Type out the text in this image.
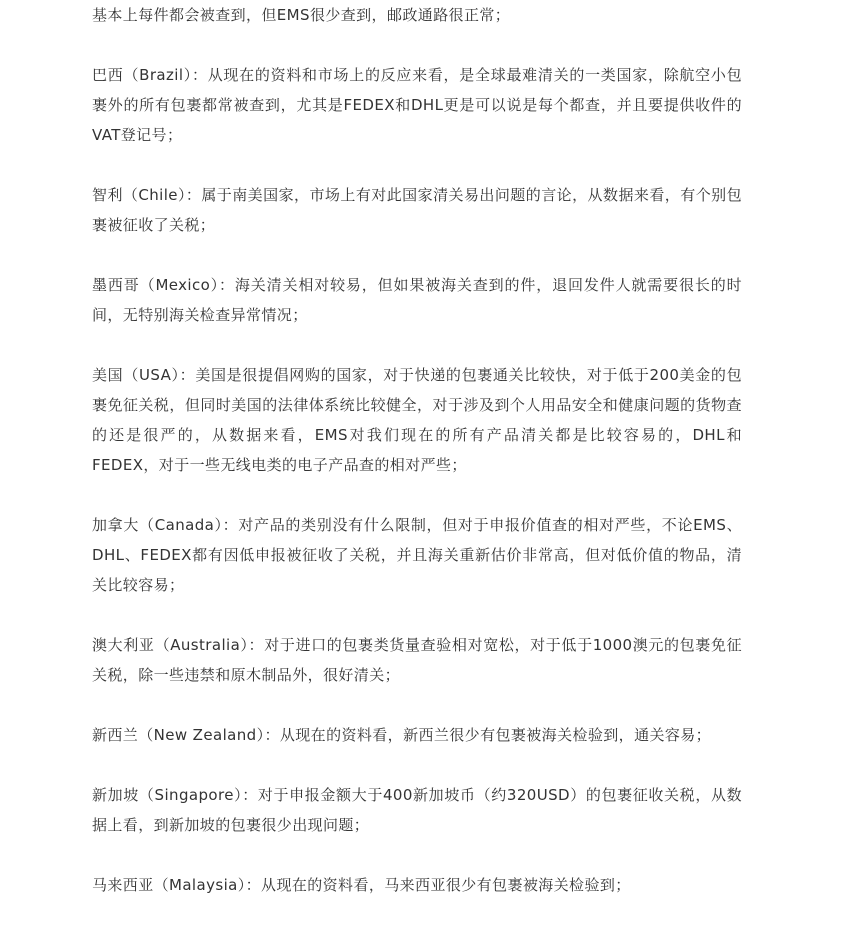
基本上每件都会被查到，但EMS很少查到，邮政通路很正常；

巴西（Brazil）：从现在的资料和市场上的反应来看，是全球最难清关的一类国家，除航空小包裹外的所有包裹都常被查到，尤其是FEDEX和DHL更是可以说是每个都查，并且要提供收件的VAT登记号；

智利（Chile）：属于南美国家，市场上有对此国家清关易出问题的言论，从数据来看，有个别包裹被征收了关税；

墨西哥（Mexico）：海关清关相对较易，但如果被海关查到的件，退回发件人就需要很长的时间，无特别海关检查异常情况；

美国（USA）：美国是很提倡网购的国家，对于快递的包裹通关比较快，对于低于200美金的包裹免征关税，但同时美国的法律体系统比较健全，对于涉及到个人用品安全和健康问题的货物查的还是很严的，从数据来看，EMS对我们现在的所有产品清关都是比较容易的，DHL和FEDEX，对于一些无线电类的电子产品查的相对严些；

加拿大（Canada）：对产品的类别没有什么限制，但对于申报价值查的相对严些，不论EMS、DHL、FEDEX都有因低申报被征收了关税，并且海关重新估价非常高，但对低价值的物品，清关比较容易；

澳大利亚（Australia）：对于进口的包裹类货量查验相对宽松，对于低于1000澳元的包裹免征关税，除一些违禁和原木制品外，很好清关；

新西兰（New Zealand）：从现在的资料看，新西兰很少有包裹被海关检验到，通关容易；

新加坡（Singapore）：对于申报金额大于400新加坡币（约320USD）的包裹征收关税，从数据上看，到新加坡的包裹很少出现问题；

马来西亚（Malaysia）：从现在的资料看，马来西亚很少有包裹被海关检验到；
